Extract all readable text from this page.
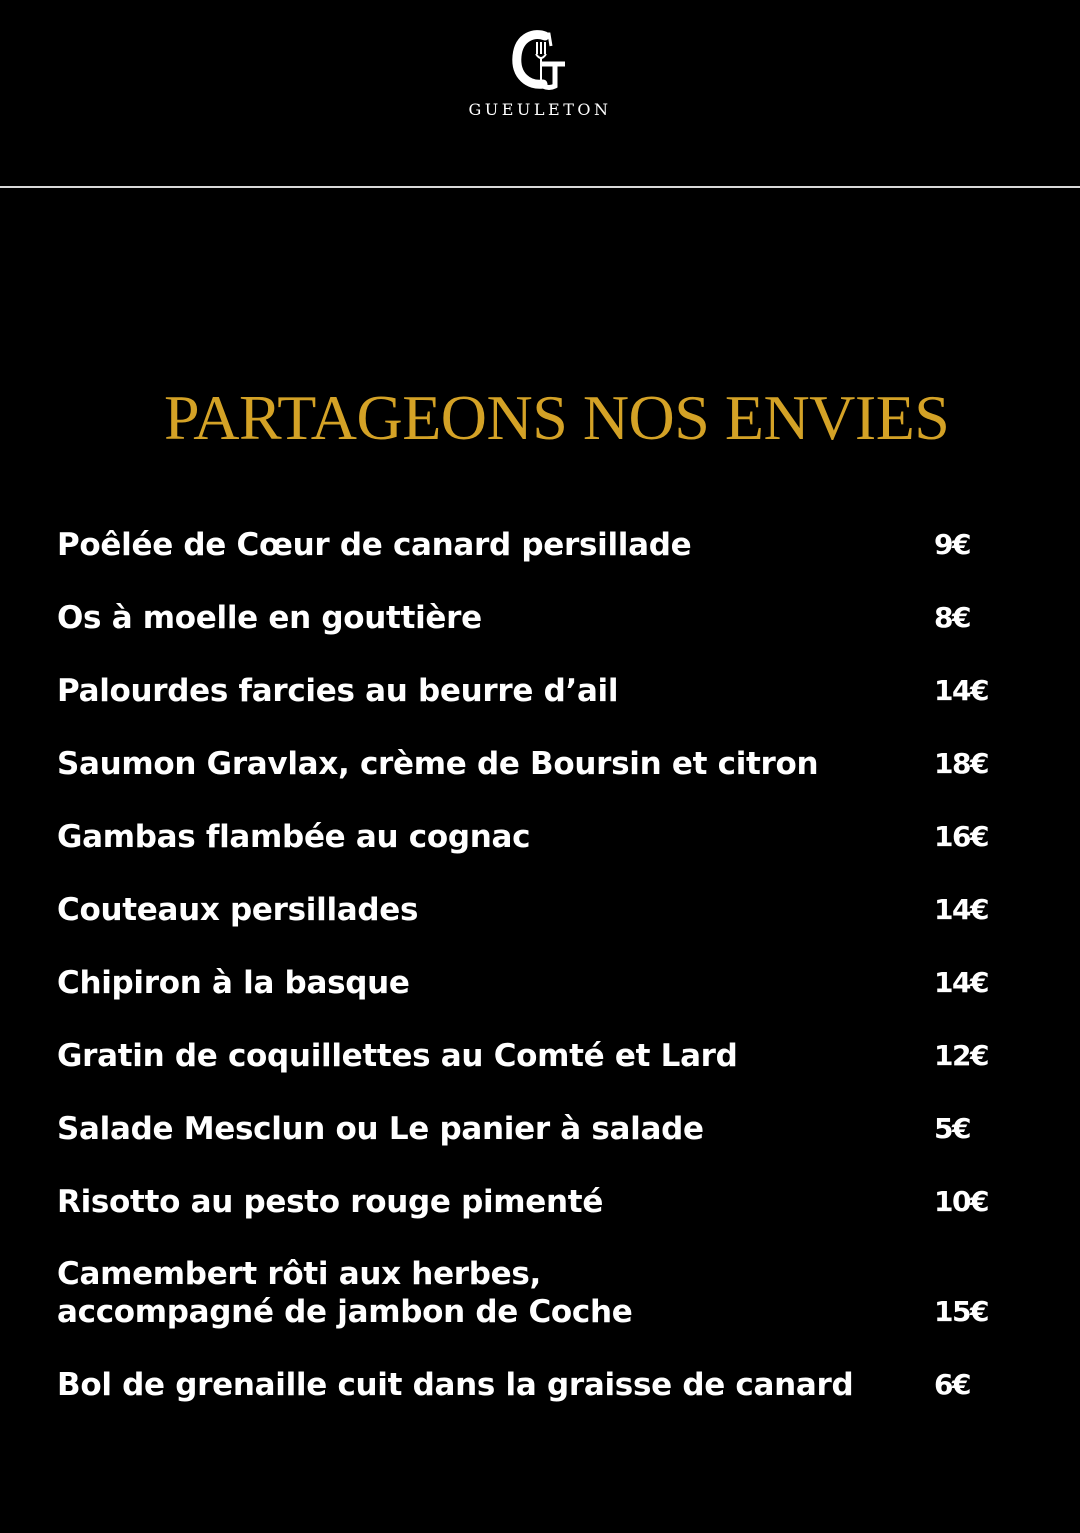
GUEULETON
PARTAGEONS NOS ENVIES
Poêlée de Cœur de canard persillade	9€
Os à moelle en gouttière	8€
Palourdes farcies au beurre d’ail	14€
Saumon Gravlax, crème de Boursin et citron	18€
Gambas flambée au cognac	16€
Couteaux persillades	14€
Chipiron à la basque	14€
Gratin de coquillettes au Comté et Lard	12€
Salade Mesclun ou Le panier à salade	5€
Risotto au pesto rouge pimenté	10€
Camembert rôti aux herbes,
accompagné de jambon de Coche	15€
Bol de grenaille cuit dans la graisse de canard	6€
